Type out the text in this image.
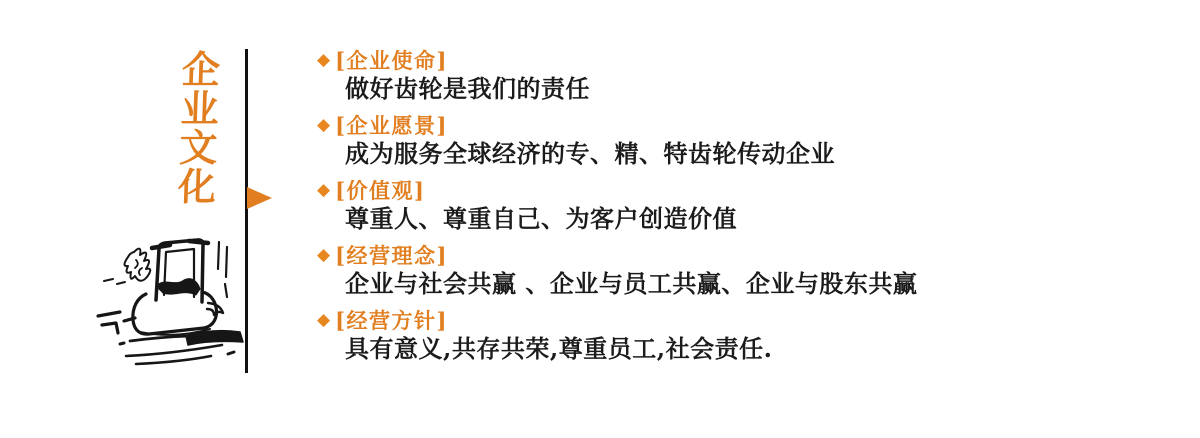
企
业
文
化
◆ [企业使命]
做好齿轮是我们的责任
◆ [企业愿景]
成为服务全球经济的专、精、特齿轮传动企业
◆ [价值观]
尊重人、尊重自己、为客户创造价值
◆ [经营理念]
企业与社会共赢 、企业与员工共赢、企业与股东共赢
◆ [经营方针]
具有意义,共存共荣,尊重员工,社会责任.
